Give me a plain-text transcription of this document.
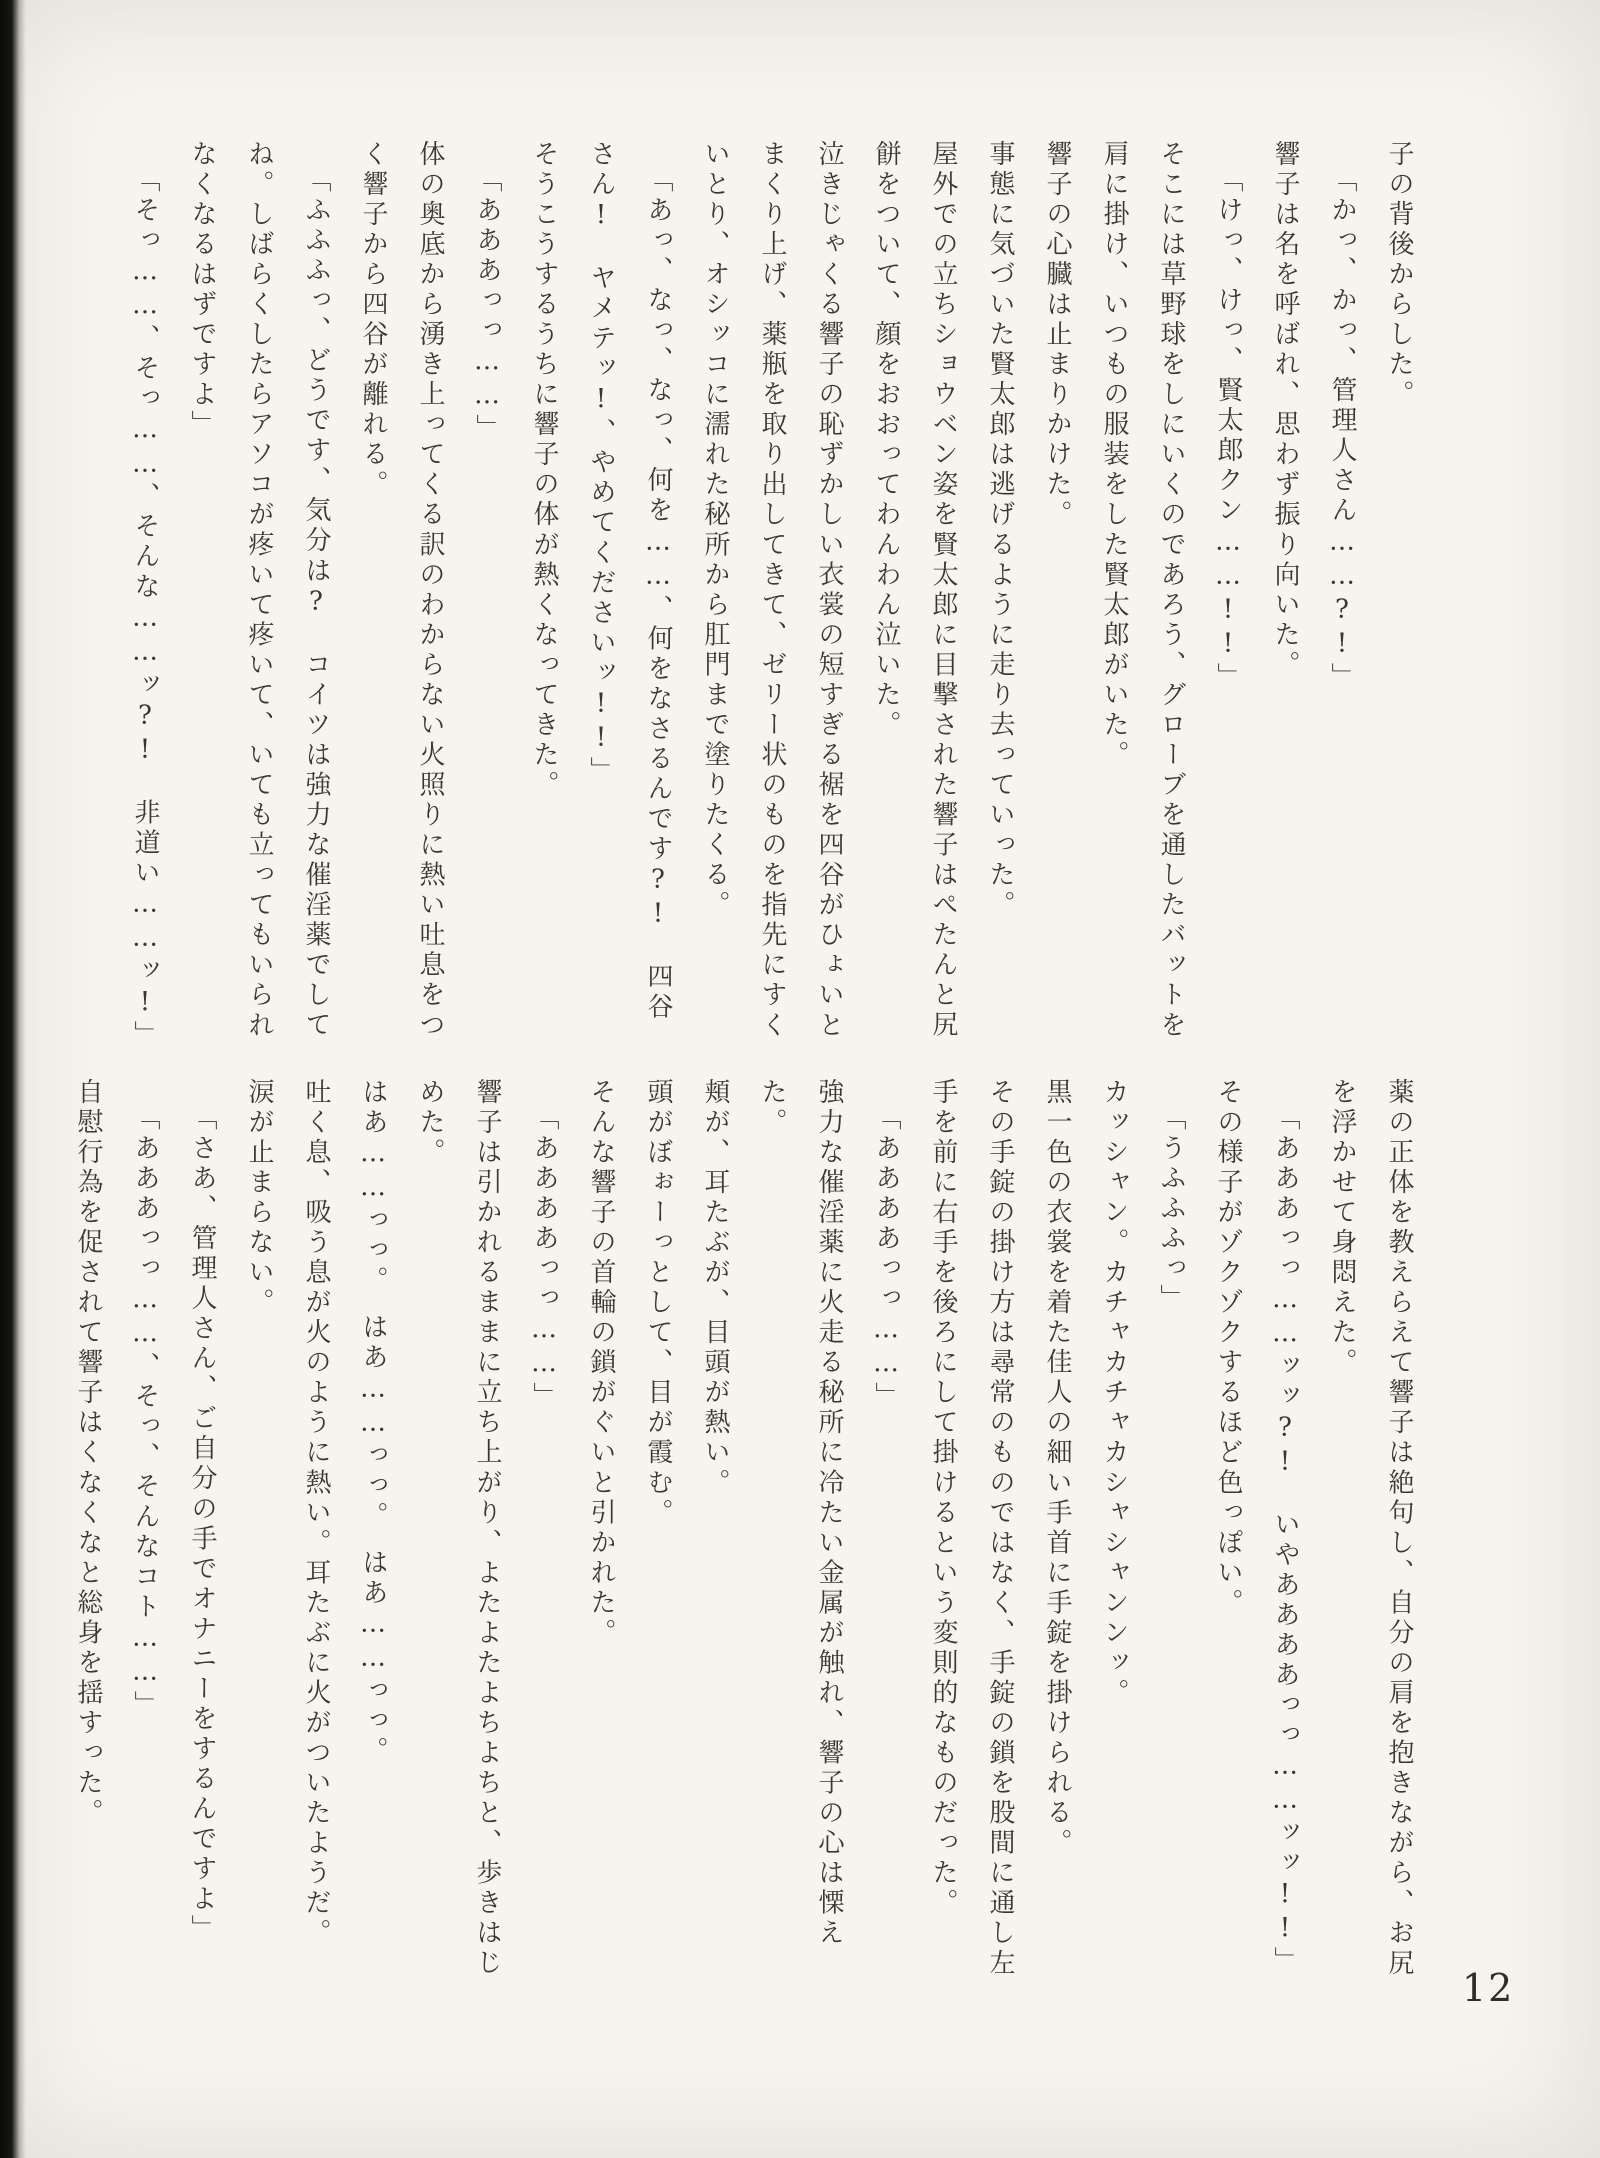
子の背後からした。

「かっ、かっ、管理人さん……?!」

響子は名を呼ばれ、思わず振り向いた。

「けっ、けっ、賢太郎クン……!!」

そこには草野球をしにいくのであろう、グローブを通したバットを肩に掛け、いつもの服装をした賢太郎がいた。

響子の心臓は止まりかけた。

事態に気づいた賢太郎は逃げるように走り去っていった。

屋外での立ちショウベン姿を賢太郎に目撃された響子はぺたんと尻餅をついて、顔をおおってわんわん泣いた。

泣きじゃくる響子の恥ずかしい衣裳の短すぎる裾を四谷がひょいとまくり上げ、薬瓶を取り出してきて、ゼリー状のものを指先にすくいとり、オシッコに濡れた秘所から肛門まで塗りたくる。

「あっ、なっ、なっ、何を……、何をなさるんです?!　四谷さん!　ヤメテッ!、やめてくださいッ!!」

そうこうするうちに響子の体が熱くなってきた。

「あああっっ……」

体の奥底から湧き上ってくる訳のわからない火照りに熱い吐息をつく響子から四谷が離れる。

「ふふふっ、どうです、気分は?　コイツは強力な催淫薬でしてね。しばらくしたらアソコが疼いて疼いて、いても立ってもいられなくなるはずですよ」

「そっ……、そっ……、そんな……ッ?!　非道い……ッ!」

薬の正体を教えらえて響子は絶句し、自分の肩を抱きながら、お尻を浮かせて身悶えた。

「あああっっ……ッッ?!　いやああああっっ……ッッ!!」

その様子がゾクゾクするほど色っぽい。

「うふふふっ」

カッシャン。カチャカチャカシャシャンンッ。

黒一色の衣裳を着た佳人の細い手首に手錠を掛けられる。

その手錠の掛け方は尋常のものではなく、手錠の鎖を股間に通し左手を前に右手を後ろにして掛けるという変則的なものだった。

「ああああっっ……」

強力な催淫薬に火走る秘所に冷たい金属が触れ、響子の心は慄えた。

頬が、耳たぶが、目頭が熱い。

頭がぼぉーっとして、目が霞む。

そんな響子の首輪の鎖がぐいと引かれた。

「ああああっっ……」

響子は引かれるままに立ち上がり、よたよたよちよちと、歩きはじめた。

はあ……っっ。　はあ……っっ。　はあ……っっ。

吐く息、吸う息が火のように熱い。耳たぶに火がついたようだ。

涙が止まらない。

「さあ、管理人さん、ご自分の手でオナニーをするんですよ」

「あああっっ……、そっ、そんなコト……」

自慰行為を促されて響子はくなくなと総身を揺すった。

12
